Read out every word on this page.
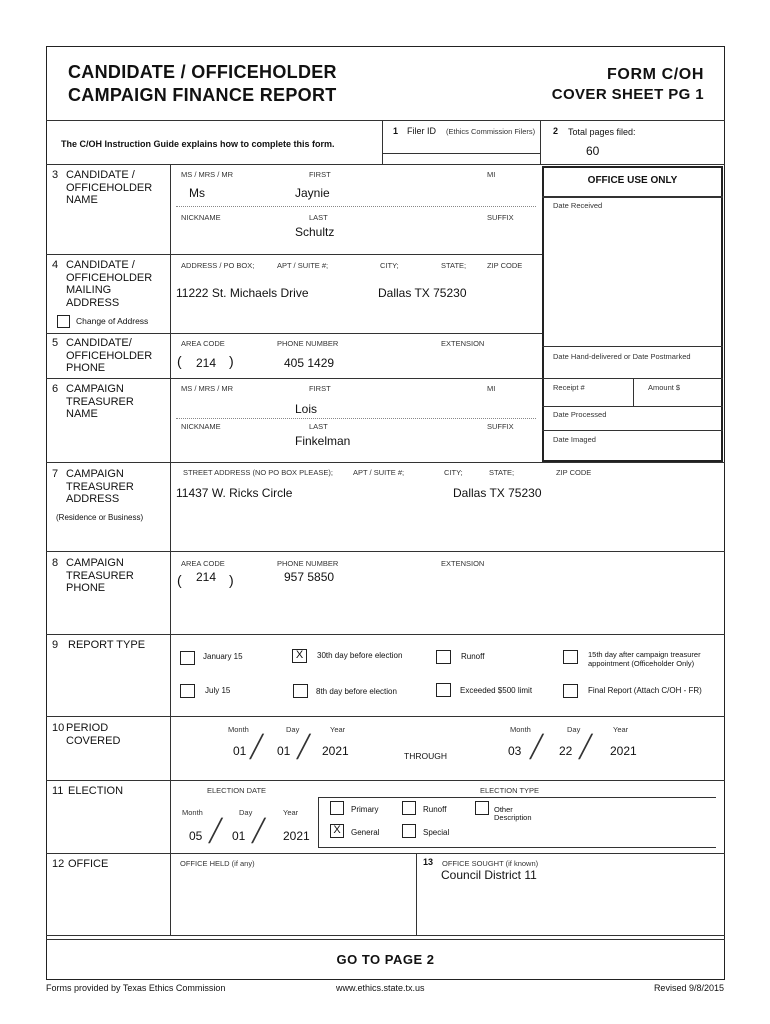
CANDIDATE / OFFICEHOLDER
CAMPAIGN FINANCE REPORT
FORM C/OH
COVER SHEET PG 1
The C/OH Instruction Guide explains how to complete this form.
1 Filer ID (Ethics Commission Filers) 2 Total pages filed:
60
OFFICE USE ONLY
Date Received
Date Hand-delivered or Date Postmarked
Receipt #	Amount $
Date Processed
Date Imaged
3 CANDIDATE / OFFICEHOLDER NAME
MS / MRS / MR	FIRST	MI
Ms	Jaynie
NICKNAME	LAST	SUFFIX
Schultz
4 CANDIDATE / OFFICEHOLDER MAILING ADDRESS
ADDRESS / PO BOX;	APT / SUITE #;	CITY;	STATE;	ZIP CODE
11222 St. Michaels Drive	Dallas TX 75230
Change of Address
5 CANDIDATE/ OFFICEHOLDER PHONE
AREA CODE	PHONE NUMBER	EXTENSION
( 214 )	405 1429
6 CAMPAIGN TREASURER NAME
MS / MRS / MR	FIRST	MI
Lois
NICKNAME	LAST	SUFFIX
Finkelman
7 CAMPAIGN TREASURER ADDRESS
(Residence or Business)
STREET ADDRESS (NO PO BOX PLEASE);	APT / SUITE #;	CITY;	STATE;	ZIP CODE
11437 W. Ricks Circle	Dallas TX 75230
8 CAMPAIGN TREASURER PHONE
AREA CODE	PHONE NUMBER	EXTENSION
( 214 )	957 5850
9 REPORT TYPE
January 15	X	30th day before election	Runoff	15th day after campaign treasurer appointment (Officeholder Only)
July 15	8th day before election	Exceeded $500 limit	Final Report (Attach C/OH - FR)
10 PERIOD COVERED
Month	Day	Year
01 ╱ 01 ╱ 2021	THROUGH
Month	Day	Year
03 ╱ 22 ╱ 2021
11 ELECTION	ELECTION DATE	ELECTION TYPE
Month	Day	Year
05 ╱ 01 ╱ 2021
Primary	Runoff	Other Description
X	General	Special
12 OFFICE	OFFICE HELD (if any)	13 OFFICE SOUGHT (if known)
Council District 11
GO TO PAGE 2
Forms provided by Texas Ethics Commission	www.ethics.state.tx.us	Revised 9/8/2015
